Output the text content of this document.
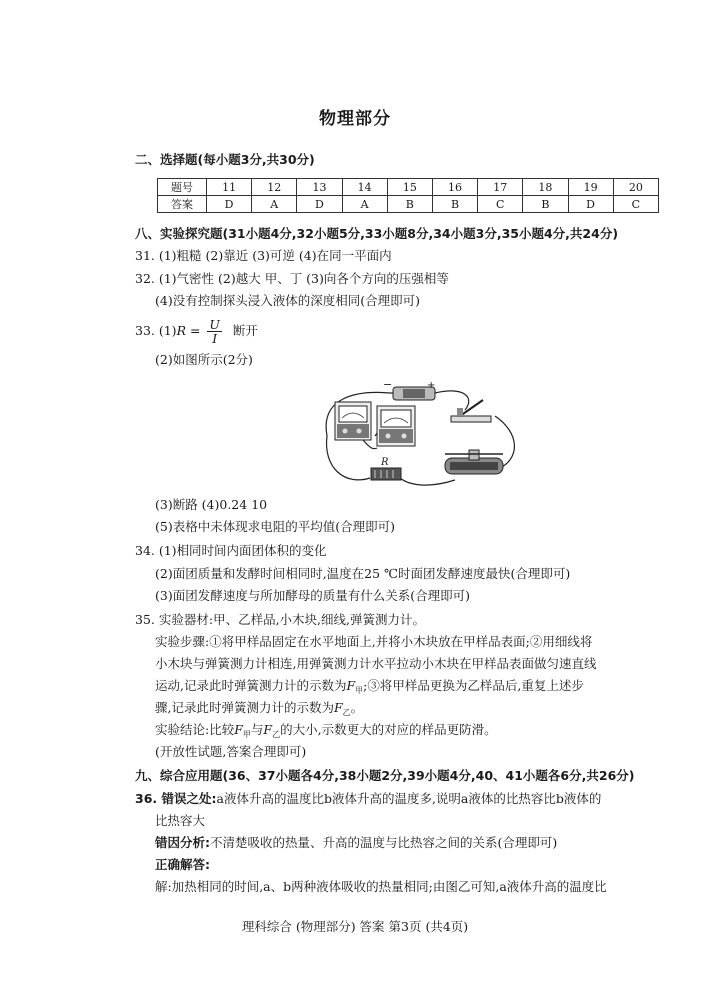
物理部分
二、选择题(每小题3分,共30分)
题号	11	12	13	14	15	16	17	18	19	20
答案	D	A	D	A	B	B	C	B	D	C
八、实验探究题(31小题4分,32小题5分,33小题8分,34小题3分,35小题4分,共24分)
31. (1)粗糙 (2)靠近 (3)可逆 (4)在同一平面内
32. (1)气密性 (2)越大 甲、丁 (3)向各个方向的压强相等
(4)没有控制探头浸入液体的深度相同(合理即可)
33. $(1)R = \frac{U}{I}$ 断开
(2)如图所示(2分)
−	+
R
(3)断路 (4)0.24 10
(5)表格中未体现求电阻的平均值(合理即可)
34. (1)相同时间内面团体积的变化
(2)面团质量和发酵时间相同时,温度在25 ℃时面团发酵速度最快(合理即可)
(3)面团发酵速度与所加酵母的质量有什么关系(合理即可)
35. 实验器材:甲、乙样品,小木块,细线,弹簧测力计。
实验步骤:①将甲样品固定在水平地面上,并将小木块放在甲样品表面;②用细线将
小木块与弹簧测力计相连,用弹簧测力计水平拉动小木块在甲样品表面做匀速直线
运动,记录此时弹簧测力计的示数为$F_甲;③$将甲样品更换为乙样品后,重复上述步
骤,记录此时弹簧测力计的示数为$F_乙$。
实验结论:比较$F_甲$与$F_乙$的大小,示数更大的对应的样品更防滑。
(开放性试题,答案合理即可)
九、综合应用题(36、37小题各4分,38小题2分,39小题4分,40、41小题各6分,共26分)
36. 错误之处:a液体升高的温度比b液体升高的温度多,说明a液体的比热容比b液体的
比热容大
错因分析:不清楚吸收的热量、升高的温度与比热容之间的关系(合理即可)
正确解答:
解:加热相同的时间,a、b两种液体吸收的热量相同;由图乙可知,a液体升高的温度比
理科综合 (物理部分) 答案 第3页 (共4页)
